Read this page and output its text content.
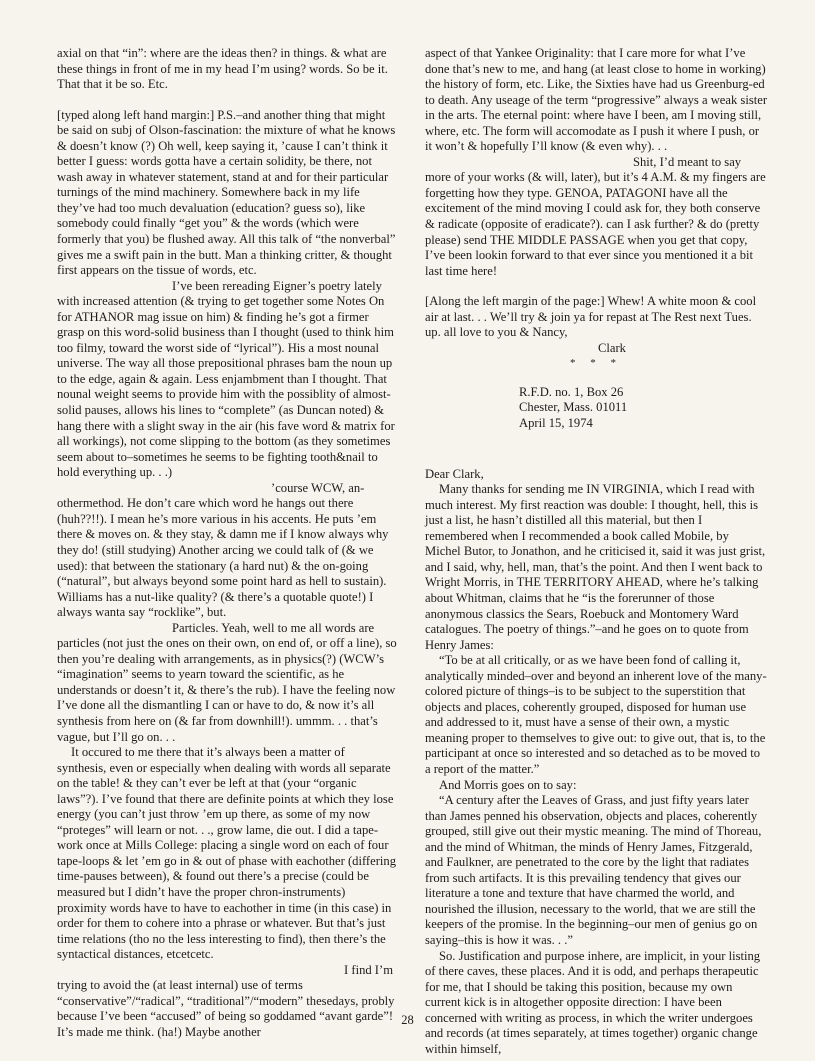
axial on that “in”: where are the ideas then? in things. & what are these things in front of me in my head I’m using? words. So be it. That that it be so. Etc.

[typed along left hand margin:] P.S.–and another thing that might be said on subj of Olson-fascination: the mixture of what he knows & doesn’t know (?) Oh well, keep saying it, ’cause I can’t think it better I guess: words gotta have a certain solidity, be there, not wash away in whatever statement, stand at and for their particular turnings of the mind machinery. Somewhere back in my life they’ve had too much devaluation (education? guess so), like somebody could finally “get you” & the words (which were formerly that you) be flushed away. All this talk of “the nonverbal” gives me a swift pain in the butt. Man a thinking critter, & thought first appears on the tissue of words, etc.

I’ve been rereading Eigner’s poetry lately with increased attention (& trying to get together some Notes On for ATHANOR mag issue on him) & finding he’s got a firmer grasp on this word-solid business than I thought (used to think him too filmy, toward the worst side of “lyrical”). His a most nounal universe. The way all those prepositional phrases bam the noun up to the edge, again & again. Less enjambment than I thought. That nounal weight seems to provide him with the possiblity of almost-solid pauses, allows his lines to “complete” (as Duncan noted) & hang there with a slight sway in the air (his fave word & matrix for all workings), not come slipping to the bottom (as they sometimes seem about to–sometimes he seems to be fighting tooth&nail to hold everything up. . .)

’course WCW, an-

othermethod. He don’t care which word he hangs out there (huh??!!). I mean he’s more various in his accents. He puts ’em there & moves on. & they stay, & damn me if I know always why they do! (still studying) Another arcing we could talk of (& we used): that between the stationary (a hard nut) & the on-going (“natural”, but always beyond some point hard as hell to sustain). Williams has a nut-like quality? (& there’s a quotable quote!) I always wanta say “rocklike”, but.

Particles. Yeah, well to me all words are particles (not just the ones on their own, on end of, or off a line), so then you’re dealing with arrangements, as in physics(?) (WCW’s “imagination” seems to yearn toward the scientific, as he understands or doesn’t it, & there’s the rub). I have the feeling now I’ve done all the dismantling I can or have to do, & now it’s all synthesis from here on (& far from downhill!). ummm. . . that’s vague, but I’ll go on. . .

It occured to me there that it’s always been a matter of synthesis, even or especially when dealing with words all separate on the table! & they can’t ever be left at that (your “organic laws”?). I’ve found that there are definite points at which they lose energy (you can’t just throw ’em up there, as some of my now “proteges” will learn or not. . ., grow lame, die out. I did a tape-work once at Mills College: placing a single word on each of four tape-loops & let ’em go in & out of phase with eachother (differing time-pauses between), & found out there’s a precise (could be measured but I didn’t have the proper chron-instruments) proximity words have to have to eachother in time (in this case) in order for them to cohere into a phrase or whatever. But that’s just time relations (tho no the less interesting to find), then there’s the syntactical distances, etcetcetc.

I find I’m

trying to avoid the (at least internal) use of terms “conservative”/“radical”, “traditional”/“modern” thesedays, probly because I’ve been “accused” of being so goddamed “avant garde”! It’s made me think. (ha!) Maybe another

aspect of that Yankee Originality: that I care more for what I’ve done that’s new to me, and hang (at least close to home in working) the history of form, etc. Like, the Sixties have had us Greenburg-ed to death. Any useage of the term “progressive” always a weak sister in the arts. The eternal point: where have I been, am I moving still, where, etc. The form will accomodate as I push it where I push, or it won’t & hopefully I’ll know (& even why). . .

Shit, I’d meant to say

more of your works (& will, later), but it’s 4 A.M. & my fingers are forgetting how they type. GENOA, PATAGONI have all the excitement of the mind moving I could ask for, they both conserve & radicate (opposite of eradicate?). can I ask further? & do (pretty please) send THE MIDDLE PASSAGE when you get that copy, I’ve been lookin forward to that ever since you mentioned it a bit last time here!

[Along the left margin of the page:] Whew! A white moon & cool air at last. . . We’ll try & join ya for repast at The Rest next Tues. up. all love to you & Nancy,

Clark

* * *

R.F.D. no. 1, Box 26

Chester, Mass. 01011

April 15, 1974

Dear Clark,

Many thanks for sending me IN VIRGINIA, which I read with much interest. My first reaction was double: I thought, hell, this is just a list, he hasn’t distilled all this material, but then I remembered when I recommended a book called Mobile, by Michel Butor, to Jonathon, and he criticised it, said it was just grist, and I said, why, hell, man, that’s the point. And then I went back to Wright Morris, in THE TERRITORY AHEAD, where he’s talking about Whitman, claims that he “is the forerunner of those anonymous classics the Sears, Roebuck and Montomery Ward catalogues. The poetry of things.”–and he goes on to quote from Henry James:

“To be at all critically, or as we have been fond of calling it, analytically minded–over and beyond an inherent love of the many-colored picture of things–is to be subject to the superstition that objects and places, coherently grouped, disposed for human use and addressed to it, must have a sense of their own, a mystic meaning proper to themselves to give out: to give out, that is, to the participant at once so interested and so detached as to be moved to a report of the matter.”

And Morris goes on to say:

“A century after the Leaves of Grass, and just fifty years later than James penned his observation, objects and places, coherently grouped, still give out their mystic meaning. The mind of Thoreau, and the mind of Whitman, the minds of Henry James, Fitzgerald, and Faulkner, are penetrated to the core by the light that radiates from such artifacts. It is this prevailing tendency that gives our literature a tone and texture that have charmed the world, and nourished the illusion, necessary to the world, that we are still the keepers of the promise. In the beginning–our men of genius go on saying–this is how it was. . .”

So. Justification and purpose inhere, are implicit, in your listing of there caves, these places. And it is odd, and perhaps therapeutic for me, that I should be taking this position, because my own current kick is in altogether opposite direction: I have been concerned with writing as process, in which the writer undergoes and records (at times separately, at times together) organic change within himself,

28
